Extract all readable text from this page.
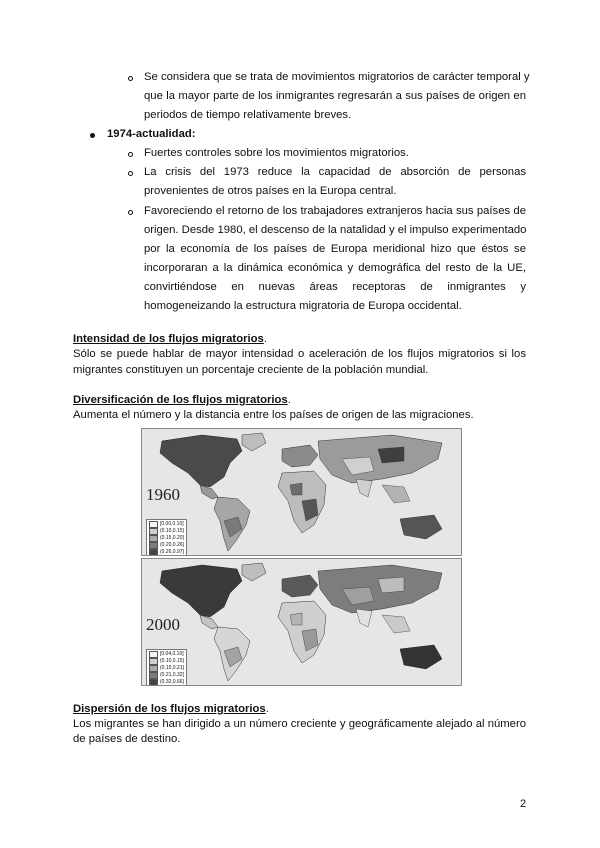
Se considera que se trata de movimientos migratorios de carácter temporal y
que la mayor parte de los inmigrantes regresarán a sus países de origen en
periodos de tiempo relativamente breves.
1974-actualidad:
Fuertes controles sobre los movimientos migratorios.
La crisis del 1973 reduce la capacidad de absorción de personas
provenientes de otros países en la Europa central.
Favoreciendo el retorno de los trabajadores extranjeros hacia sus países de
origen. Desde 1980, el descenso de la natalidad y el impulso experimentado
por la economía de los países de Europa meridional hizo que éstos se
incorporaran a la dinámica económica y demográfica del resto de la UE,
convirtiéndose en nuevas áreas receptoras de inmigrantes y
homogeneizando la estructura migratoria de Europa occidental.
Intensidad de los flujos migratorios.
Sólo se puede hablar de mayor intensidad o aceleración de los flujos migratorios si los
migrantes constituyen un porcentaje creciente de la población mundial.
Diversificación de los flujos migratorios.
Aumenta el número y la distancia entre los países de origen de las migraciones.
1960
[0.00,0.10]
(0.10,0.15]
(0.15,0.20]
(0.20,0.26]
(0.26,0.97]
2000
[0.04,0.10]
(0.10,0.15]
(0.15,0.21]
(0.21,0.32]
(0.32,0.66]
Dispersión de los flujos migratorios.
Los migrantes se han dirigido a un número creciente y geográficamente alejado al número
de países de destino.
2
